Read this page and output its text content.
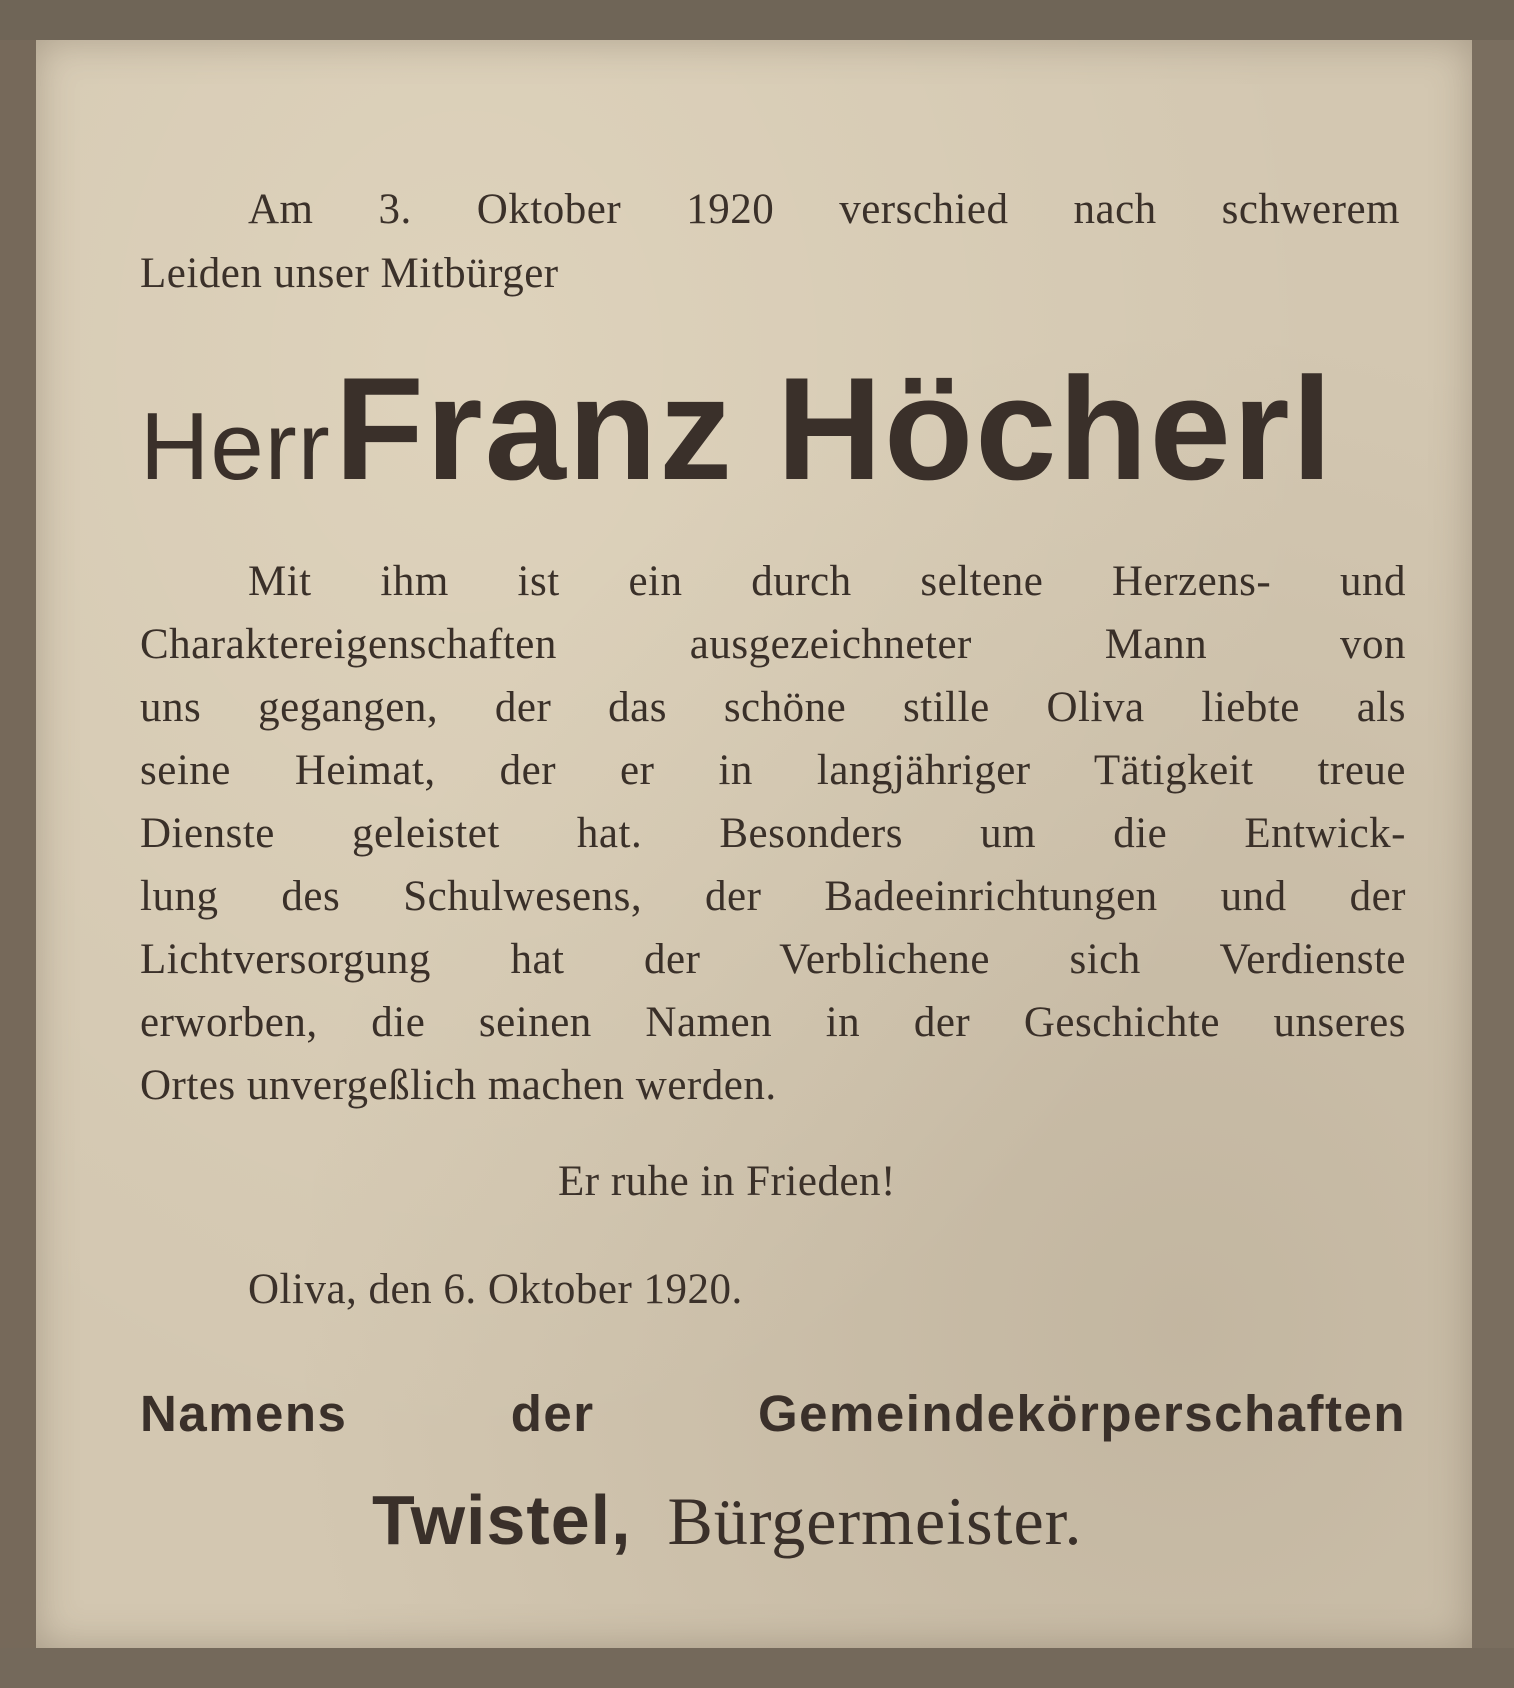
Am 3. Oktober 1920 verschied nach schwerem
Leiden unser Mitbürger
Herr Franz Höcherl
Mit ihm ist ein durch seltene Herzens- und
Charaktereigenschaften ausgezeichneter Mann von
uns gegangen, der das schöne stille Oliva liebte als
seine Heimat, der er in langjähriger Tätigkeit treue
Dienste geleistet hat. Besonders um die Entwick-
lung des Schulwesens, der Badeeinrichtungen und der
Lichtversorgung hat der Verblichene sich Verdienste
erworben, die seinen Namen in der Geschichte unseres
Ortes unvergeßlich machen werden.
Er ruhe in Frieden!
Oliva, den 6. Oktober 1920.
Namens der Gemeindekörperschaften
Twistel, Bürgermeister.
